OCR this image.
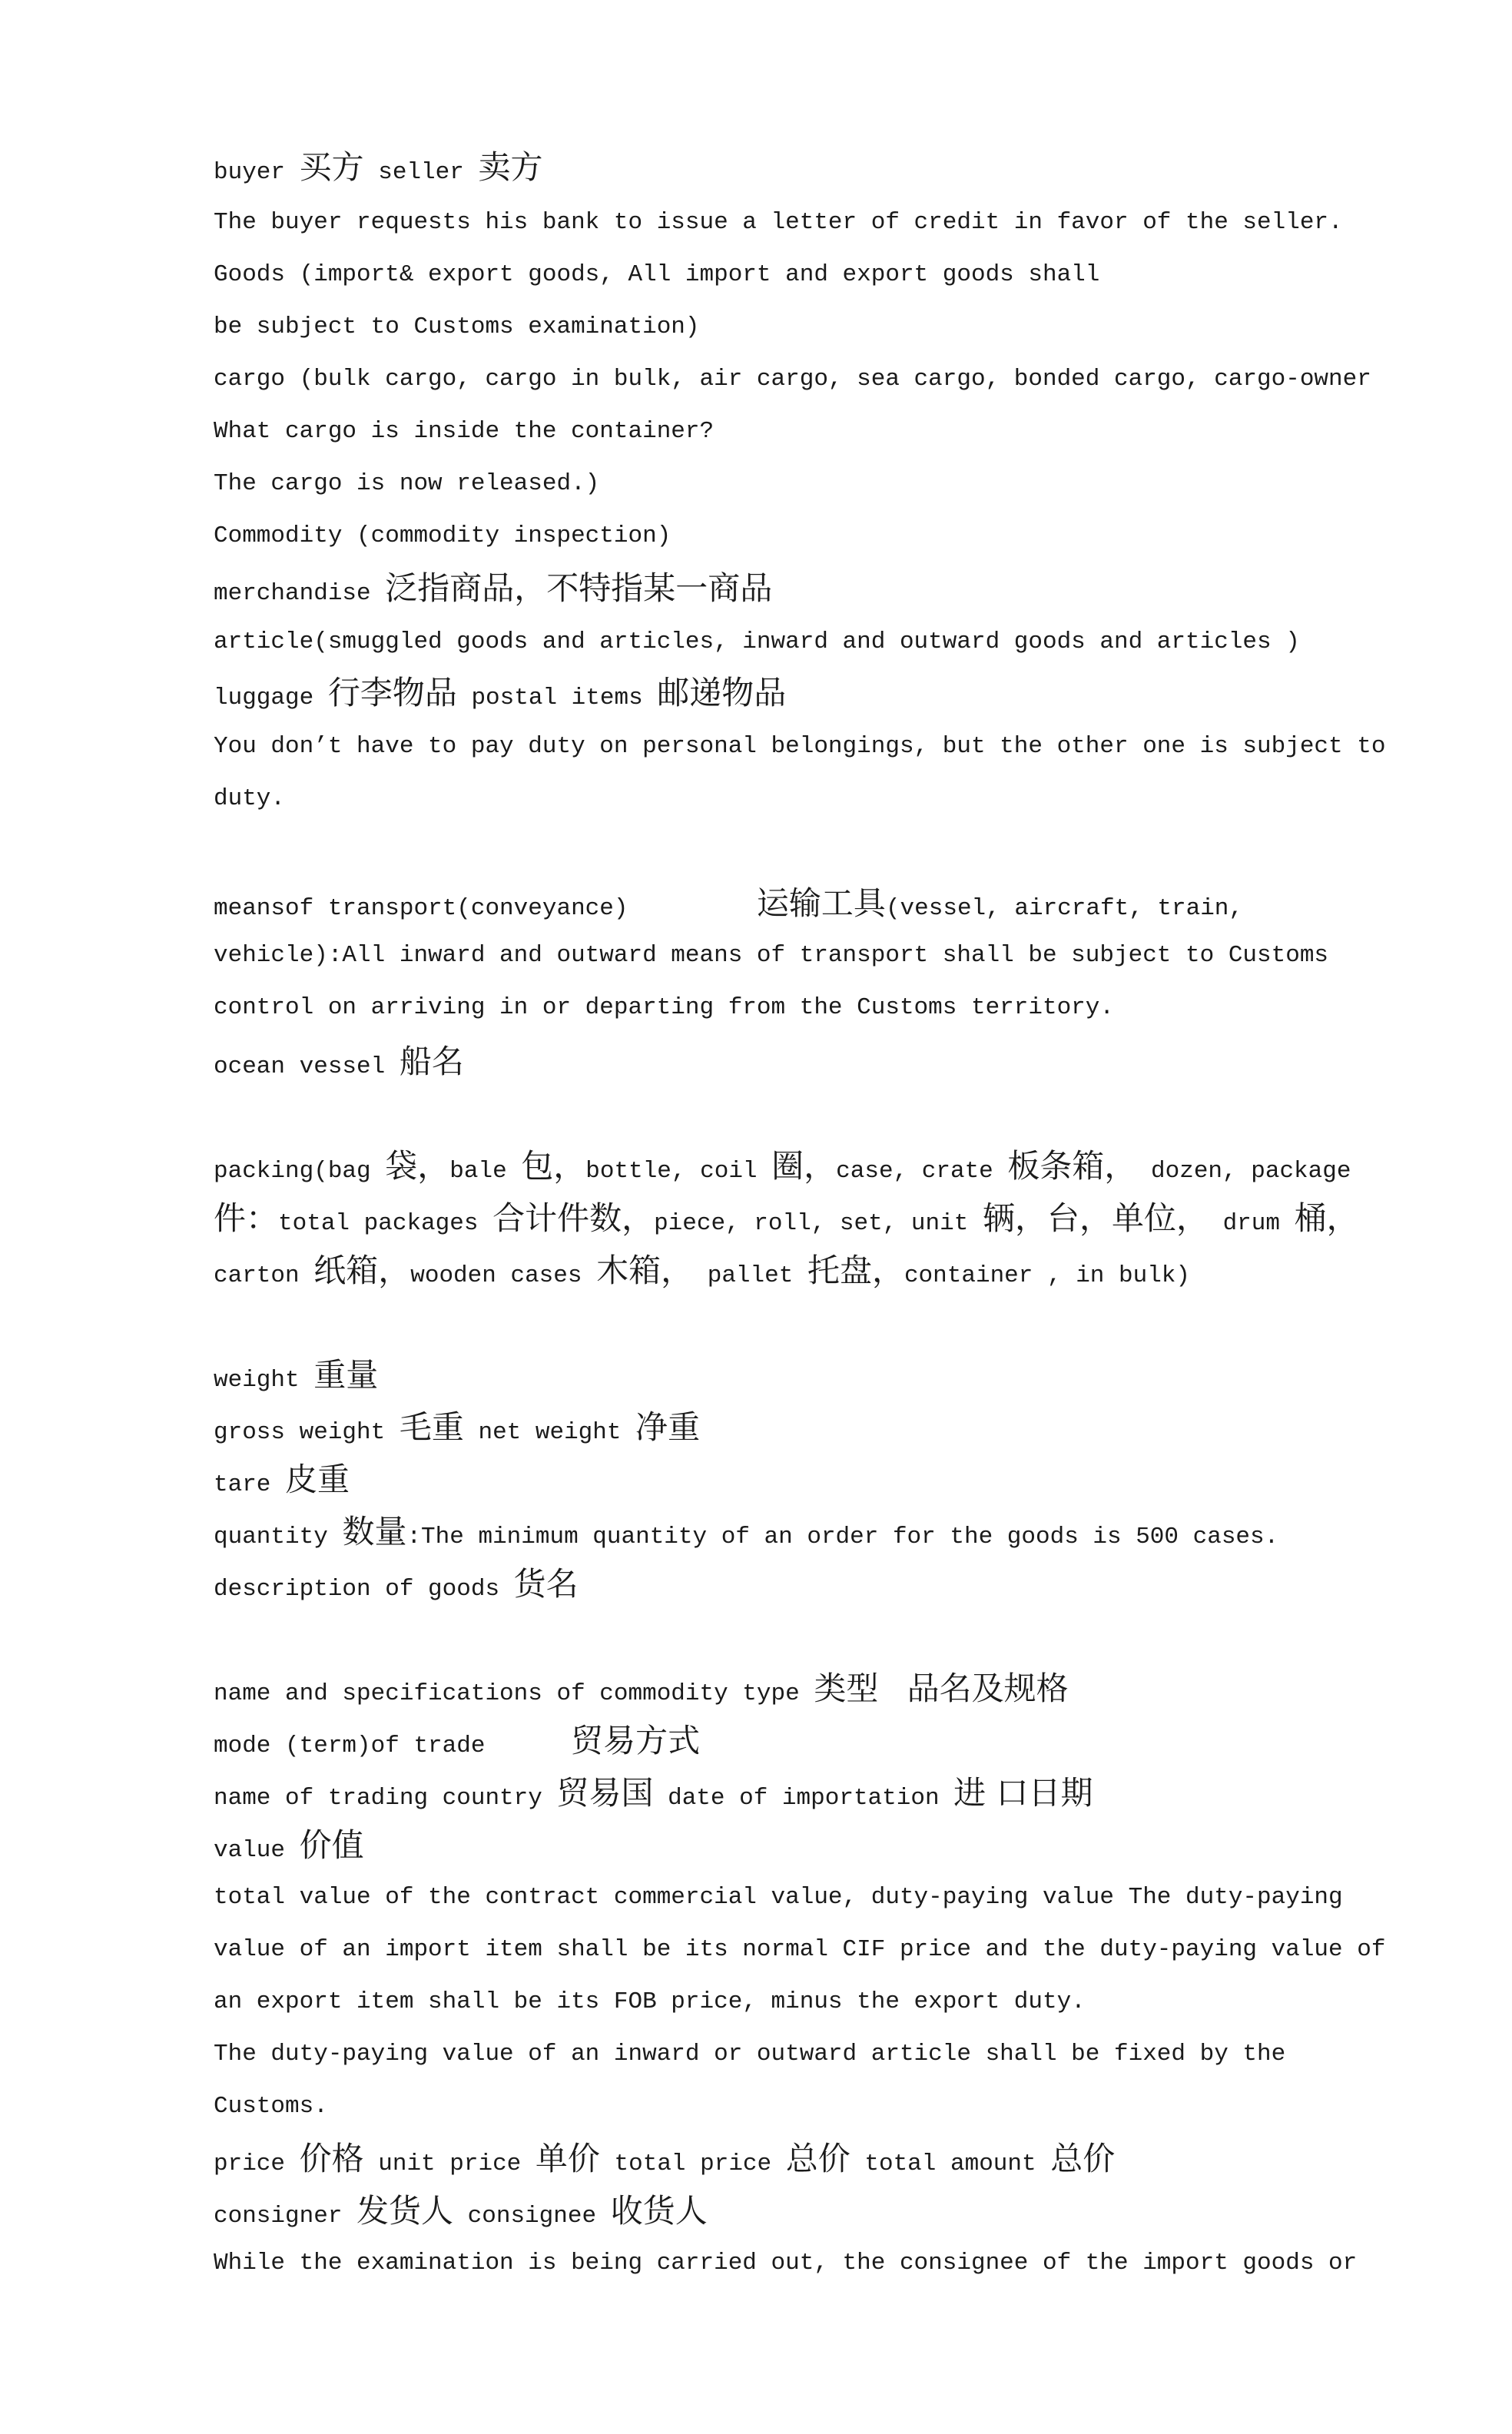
buyer 买方 seller 卖方
The buyer requests his bank to issue a letter of credit in favor of the seller.
Goods (import& export goods, All import and export goods shall
be subject to Customs examination)
cargo (bulk cargo, cargo in bulk, air cargo, sea cargo, bonded cargo, cargo-owner
What cargo is inside the container?
The cargo is now released.)
Commodity (commodity inspection)
merchandise 泛指商品，不特指某一商品
article(smuggled goods and articles, inward and outward goods and articles )
luggage 行李物品 postal items 邮递物品
You don’t have to pay duty on personal belongings, but the other one is subject to
duty.
meansof transport(conveyance)         运输工具(vessel, aircraft, train,
vehicle):All inward and outward means of transport shall be subject to Customs
control on arriving in or departing from the Customs territory.
ocean vessel 船名
packing(bag 袋，bale 包，bottle, coil 圈，case, crate 板条箱， dozen, package
件：total packages 合计件数，piece, roll, set, unit 辆，台，单位， drum 桶，
carton 纸箱，wooden cases 木箱， pallet 托盘，container , in bulk)
weight 重量
gross weight 毛重 net weight 净重
tare 皮重
quantity 数量:The minimum quantity of an order for the goods is 500 cases.
description of goods 货名
name and specifications of commodity type 类型 品名及规格
mode (term)of trade      贸易方式
name of trading country 贸易国 date of importation 进 口日期
value 价值
total value of the contract commercial value, duty-paying value The duty-paying
value of an import item shall be its normal CIF price and the duty-paying value of
an export item shall be its FOB price, minus the export duty.
The duty-paying value of an inward or outward article shall be fixed by the
Customs.
price 价格 unit price 单价 total price 总价 total amount 总价
consigner 发货人 consignee 收货人
While the examination is being carried out, the consignee of the import goods or
